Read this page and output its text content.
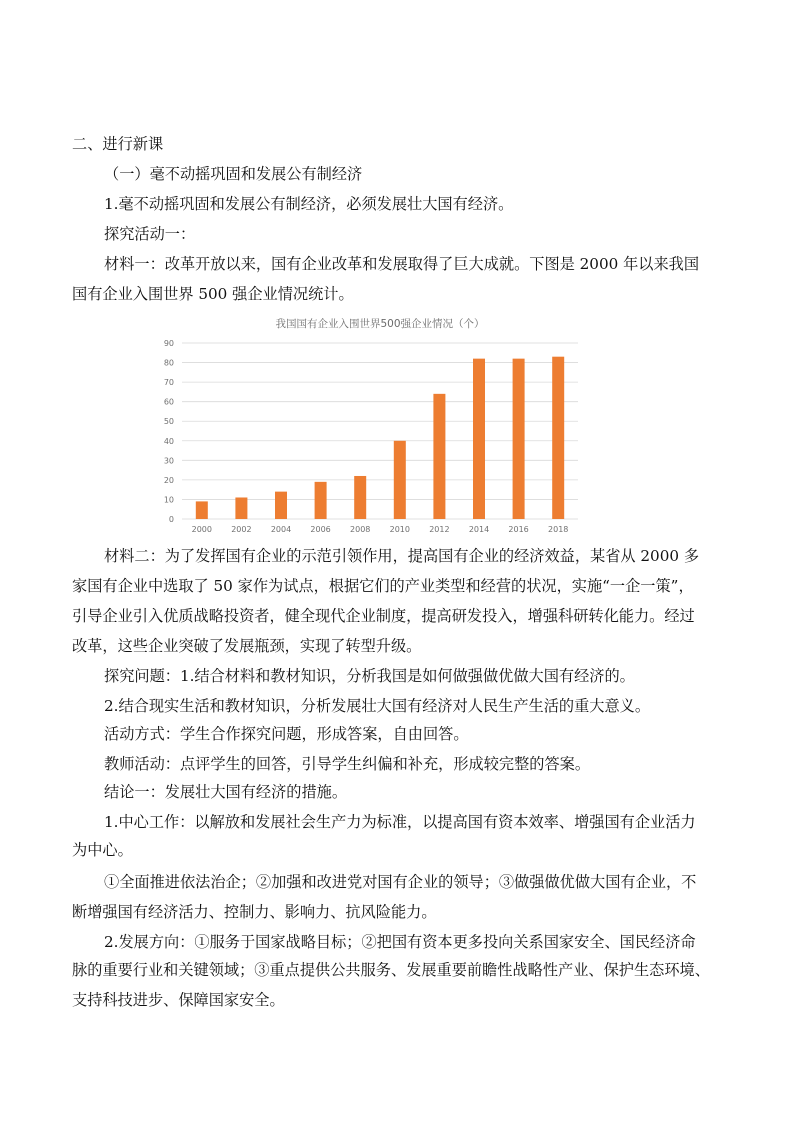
二、进行新课
（一）毫不动摇巩固和发展公有制经济
1.毫不动摇巩固和发展公有制经济，必须发展壮大国有经济。
探究活动一：
材料一：改革开放以来，国有企业改革和发展取得了巨大成就。下图是 2000 年以来我国
国有企业入围世界 500 强企业情况统计。
我国国有企业入围世界500强企业情况（个）
0
10
20
30
40
50
60
70
80
90
2000 2002 2004 2006 2008 2010 2012 2014 2016 2018
材料二：为了发挥国有企业的示范引领作用，提高国有企业的经济效益，某省从 2000 多
家国有企业中选取了 50 家作为试点，根据它们的产业类型和经营的状况，实施“一企一策”，
引导企业引入优质战略投资者，健全现代企业制度，提高研发投入，增强科研转化能力。经过
改革，这些企业突破了发展瓶颈，实现了转型升级。
探究问题：1.结合材料和教材知识，分析我国是如何做强做优做大国有经济的。
2.结合现实生活和教材知识，分析发展壮大国有经济对人民生产生活的重大意义。
活动方式：学生合作探究问题，形成答案，自由回答。
教师活动：点评学生的回答，引导学生纠偏和补充，形成较完整的答案。
结论一：发展壮大国有经济的措施。
1.中心工作：以解放和发展社会生产力为标准，以提高国有资本效率、增强国有企业活力
为中心。
①全面推进依法治企；②加强和改进党对国有企业的领导；③做强做优做大国有企业，不
断增强国有经济活力、控制力、影响力、抗风险能力。
2.发展方向：①服务于国家战略目标；②把国有资本更多投向关系国家安全、国民经济命
脉的重要行业和关键领域；③重点提供公共服务、发展重要前瞻性战略性产业、保护生态环境、
支持科技进步、保障国家安全。
